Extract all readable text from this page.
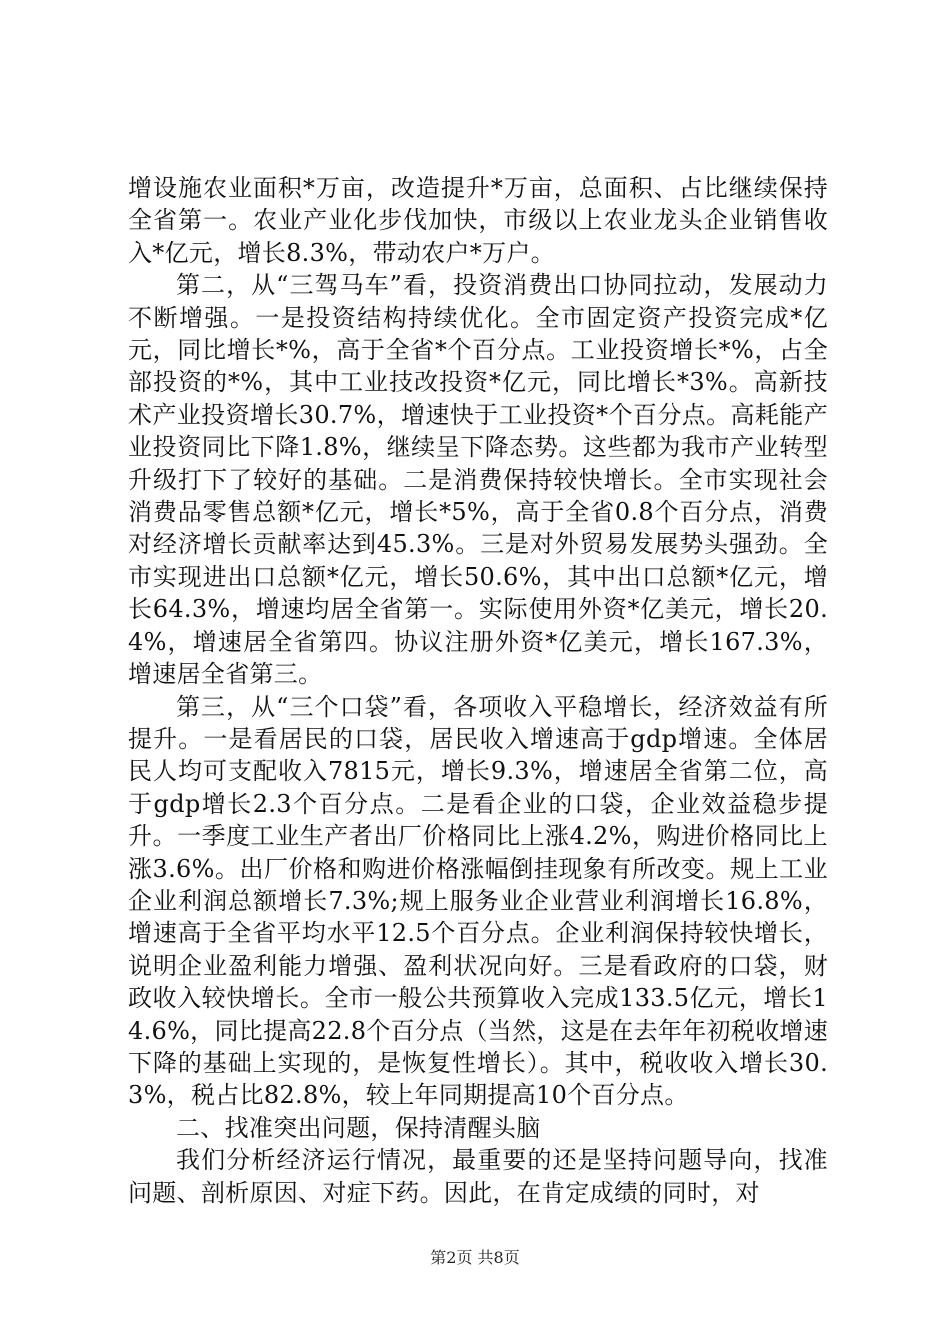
增设施农业面积*万亩，改造提升*万亩，总面积、占比继续保持全省第一。农业产业化步伐加快，市级以上农业龙头企业销售收入*亿元，增长8.3%，带动农户*万户。

第二，从“三驾马车”看，投资消费出口协同拉动，发展动力不断增强。一是投资结构持续优化。全市固定资产投资完成*亿元，同比增长*%，高于全省*个百分点。工业投资增长*%，占全部投资的*%，其中工业技改投资*亿元，同比增长*3%。高新技术产业投资增长30.7%，增速快于工业投资*个百分点。高耗能产业投资同比下降1.8%，继续呈下降态势。这些都为我市产业转型升级打下了较好的基础。二是消费保持较快增长。全市实现社会消费品零售总额*亿元，增长*5%，高于全省0.8个百分点，消费对经济增长贡献率达到45.3%。三是对外贸易发展势头强劲。全市实现进出口总额*亿元，增长50.6%，其中出口总额*亿元，增长64.3%，增速均居全省第一。实际使用外资*亿美元，增长20.4%，增速居全省第四。协议注册外资*亿美元，增长167.3%，增速居全省第三。

第三，从“三个口袋”看，各项收入平稳增长，经济效益有所提升。一是看居民的口袋，居民收入增速高于gdp增速。全体居民人均可支配收入7815元，增长9.3%，增速居全省第二位，高于gdp增长2.3个百分点。二是看企业的口袋，企业效益稳步提升。一季度工业生产者出厂价格同比上涨4.2%，购进价格同比上涨3.6%。出厂价格和购进价格涨幅倒挂现象有所改变。规上工业企业利润总额增长7.3%;规上服务业企业营业利润增长16.8%，增速高于全省平均水平12.5个百分点。企业利润保持较快增长，说明企业盈利能力增强、盈利状况向好。三是看政府的口袋，财政收入较快增长。全市一般公共预算收入完成133.5亿元，增长14.6%，同比提高22.8个百分点（当然，这是在去年年初税收增速下降的基础上实现的，是恢复性增长）。其中，税收收入增长30.3%，税占比82.8%，较上年同期提高10个百分点。

二、找准突出问题，保持清醒头脑

我们分析经济运行情况，最重要的还是坚持问题导向，找准问题、剖析原因、对症下药。因此，在肯定成绩的同时，对

第2页 共8页
